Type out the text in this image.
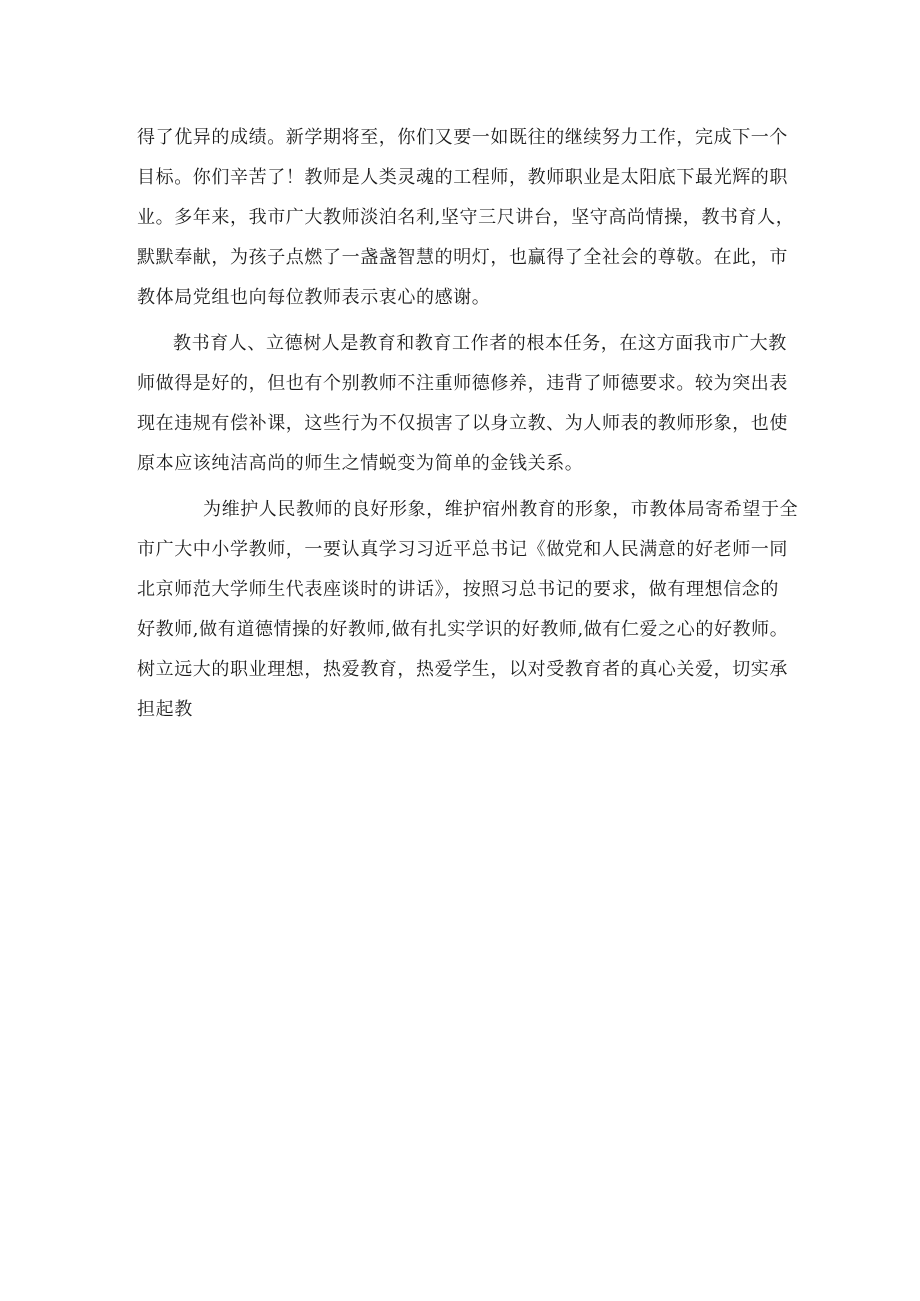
得了优异的成绩。新学期将至，你们又要一如既往的继续努力工作，完成下一个
目标。你们辛苦了！教师是人类灵魂的工程师，教师职业是太阳底下最光辉的职
业。多年来，我市广大教师淡泊名利,坚守三尺讲台，坚守高尚情操，教书育人，
默默奉献，为孩子点燃了一盏盏智慧的明灯，也赢得了全社会的尊敬。在此，市
教体局党组也向每位教师表示衷心的感谢。
教书育人、立德树人是教育和教育工作者的根本任务，在这方面我市广大教
师做得是好的，但也有个别教师不注重师德修养，违背了师德要求。较为突出表
现在违规有偿补课，这些行为不仅损害了以身立教、为人师表的教师形象，也使
原本应该纯洁高尚的师生之情蜕变为简单的金钱关系。
为维护人民教师的良好形象，维护宿州教育的形象，市教体局寄希望于全
市广大中小学教师，一要认真学习习近平总书记《做党和人民满意的好老师一同
北京师范大学师生代表座谈时的讲话》，按照习总书记的要求，做有理想信念的
好教师,做有道德情操的好教师,做有扎实学识的好教师,做有仁爱之心的好教师。
树立远大的职业理想，热爱教育，热爱学生，以对受教育者的真心关爱，切实承
担起教
